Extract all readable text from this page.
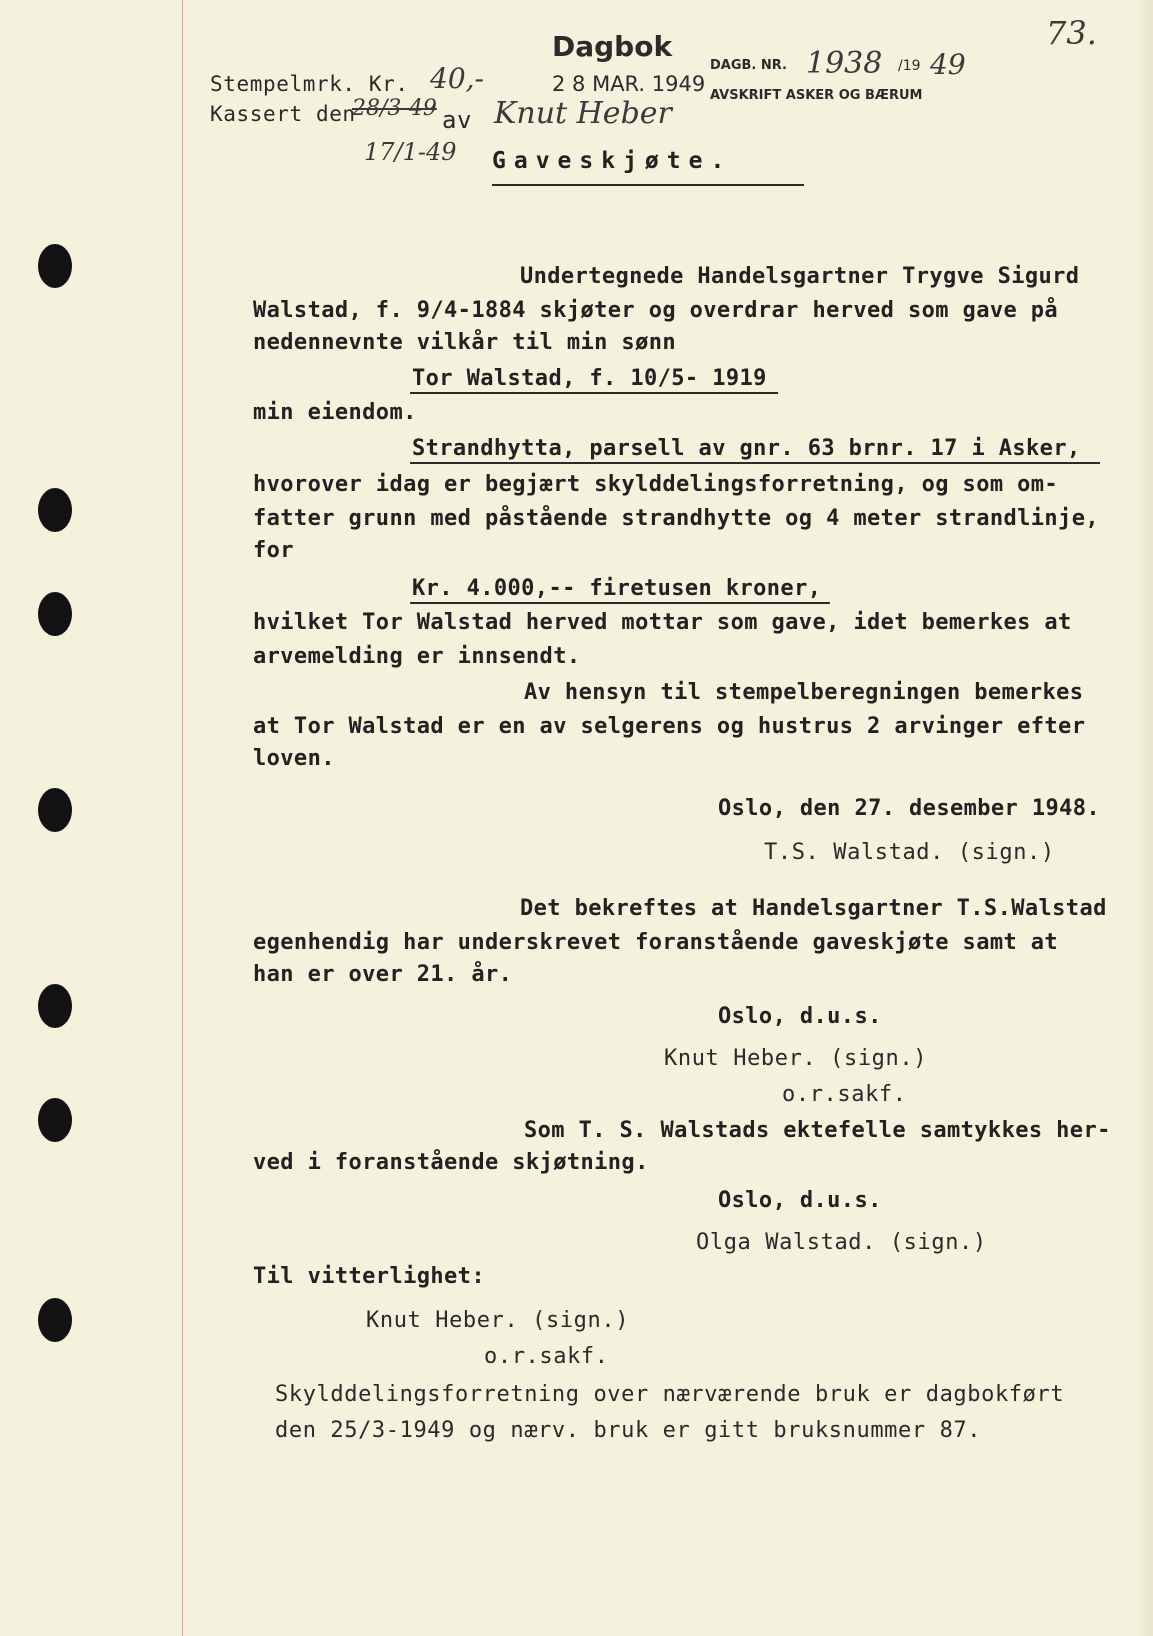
73.
Stempelmrk. Kr. 40,-
Kassert den
28/3-49 av Knut Heber
17/1-49
Dagbok
2 8 MAR. 1949
DAGB. NR. 1938 /19 49
AVSKRIFT ASKER OG BÆRUM
Gaveskjøte.
Undertegnede Handelsgartner Trygve Sigurd
Walstad, f. 9/4-1884 skjøter og overdrar herved som gave på
nedennevnte vilkår til min sønn
Tor Walstad, f. 10/5- 1919
min eiendom.
Strandhytta, parsell av gnr. 63 brnr. 17 i Asker,
hvorover idag er begjært skylddelingsforretning, og som om-
fatter grunn med påstående strandhytte og 4 meter strandlinje,
for
Kr. 4.000,-- firetusen kroner,
hvilket Tor Walstad herved mottar som gave, idet bemerkes at
arvemelding er innsendt.
Av hensyn til stempelberegningen bemerkes
at Tor Walstad er en av selgerens og hustrus 2 arvinger efter
loven.
Oslo, den 27. desember 1948.
T.S. Walstad. (sign.)
Det bekreftes at Handelsgartner T.S.Walstad
egenhendig har underskrevet foranstående gaveskjøte samt at
han er over 21. år.
Oslo, d.u.s.
Knut Heber. (sign.)
o.r.sakf.
Som T. S. Walstads ektefelle samtykkes her-
ved i foranstående skjøtning.
Oslo, d.u.s.
Olga Walstad. (sign.)
Til vitterlighet:
Knut Heber. (sign.)
o.r.sakf.
Skylddelingsforretning over nærværende bruk er dagbokført
den 25/3-1949 og nærv. bruk er gitt bruksnummer 87.
